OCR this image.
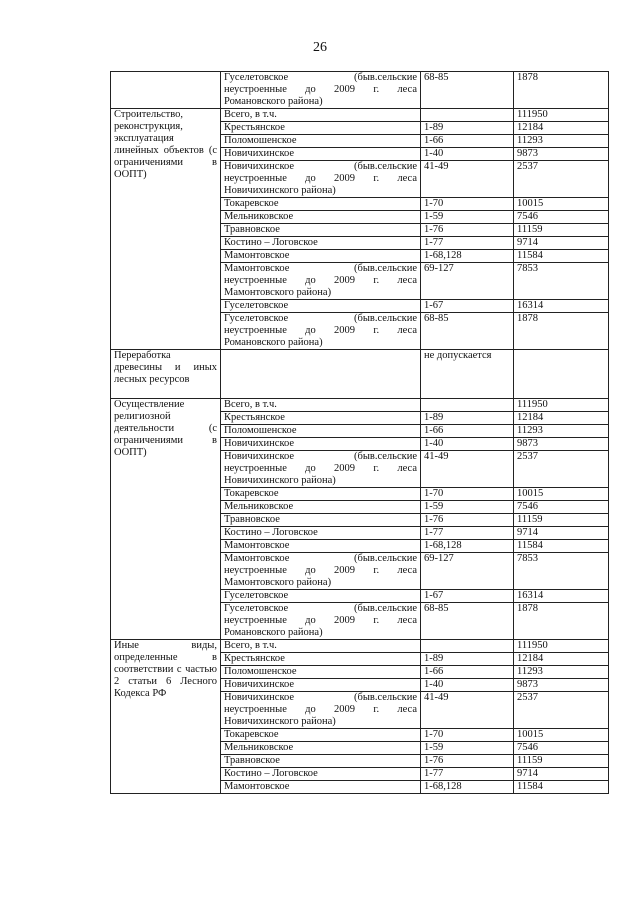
26
	Гуселетовское (быв.сельские неустроенные до 2009 г. леса Романовского района)	68-85	1878
Строительство, реконструкция, эксплуатация линейных объектов (с ограничениями в ООПТ)	Всего, в т.ч.		111950
	Крестьянское	1-89	12184
	Поломошенское	1-66	11293
	Новичихинское	1-40	9873
	Новичихинское (быв.сельские неустроенные до 2009 г. леса Новичихинского района)	41-49	2537
	Токаревское	1-70	10015
	Мельниковское	1-59	7546
	Травновское	1-76	11159
	Костино – Логовское	1-77	9714
	Мамонтовское	1-68,128	11584
	Мамонтовское (быв.сельские неустроенные до 2009 г. леса Мамонтовского района)	69-127	7853
	Гуселетовское	1-67	16314
	Гуселетовское (быв.сельские неустроенные до 2009 г. леса Романовского района)	68-85	1878
Переработка древесины и иных лесных ресурсов		не допускается	
Осуществление религиозной деятельности (с ограничениями в ООПТ)	Всего, в т.ч.		111950
	Крестьянское	1-89	12184
	Поломошенское	1-66	11293
	Новичихинское	1-40	9873
	Новичихинское (быв.сельские неустроенные до 2009 г. леса Новичихинского района)	41-49	2537
	Токаревское	1-70	10015
	Мельниковское	1-59	7546
	Травновское	1-76	11159
	Костино – Логовское	1-77	9714
	Мамонтовское	1-68,128	11584
	Мамонтовское (быв.сельские неустроенные до 2009 г. леса Мамонтовского района)	69-127	7853
	Гуселетовское	1-67	16314
	Гуселетовское (быв.сельские неустроенные до 2009 г. леса Романовского района)	68-85	1878
Иные виды, определенные в соответствии с частью 2 статьи 6 Лесного Кодекса РФ	Всего, в т.ч.		111950
	Крестьянское	1-89	12184
	Поломошенское	1-66	11293
	Новичихинское	1-40	9873
	Новичихинское (быв.сельские неустроенные до 2009 г. леса Новичихинского района)	41-49	2537
	Токаревское	1-70	10015
	Мельниковское	1-59	7546
	Травновское	1-76	11159
	Костино – Логовское	1-77	9714
	Мамонтовское	1-68,128	11584
